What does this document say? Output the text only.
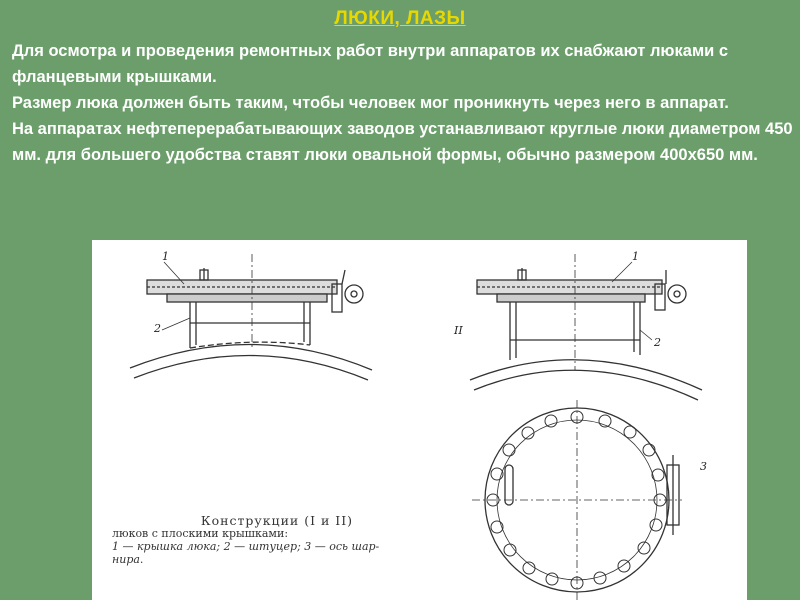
ЛЮКИ, ЛАЗЫ

Для осмотра и проведения ремонтных работ внутри аппаратов их снабжают люками с фланцевыми крышками.

Размер люка должен быть таким, чтобы человек мог проникнуть через него в аппарат.

На аппаратах нефтеперерабатывающих заводов устанавливают круглые люки диаметром 450 мм. для большего удобства ставят люки овальной формы, обычно размером 400х650 мм.

1
2
1
2
3
II
Конструкции (I и II)
люков с плоскими крышками:
1 — крышка люка; 2 — штуцер; 3 — ось шар-
нира.
